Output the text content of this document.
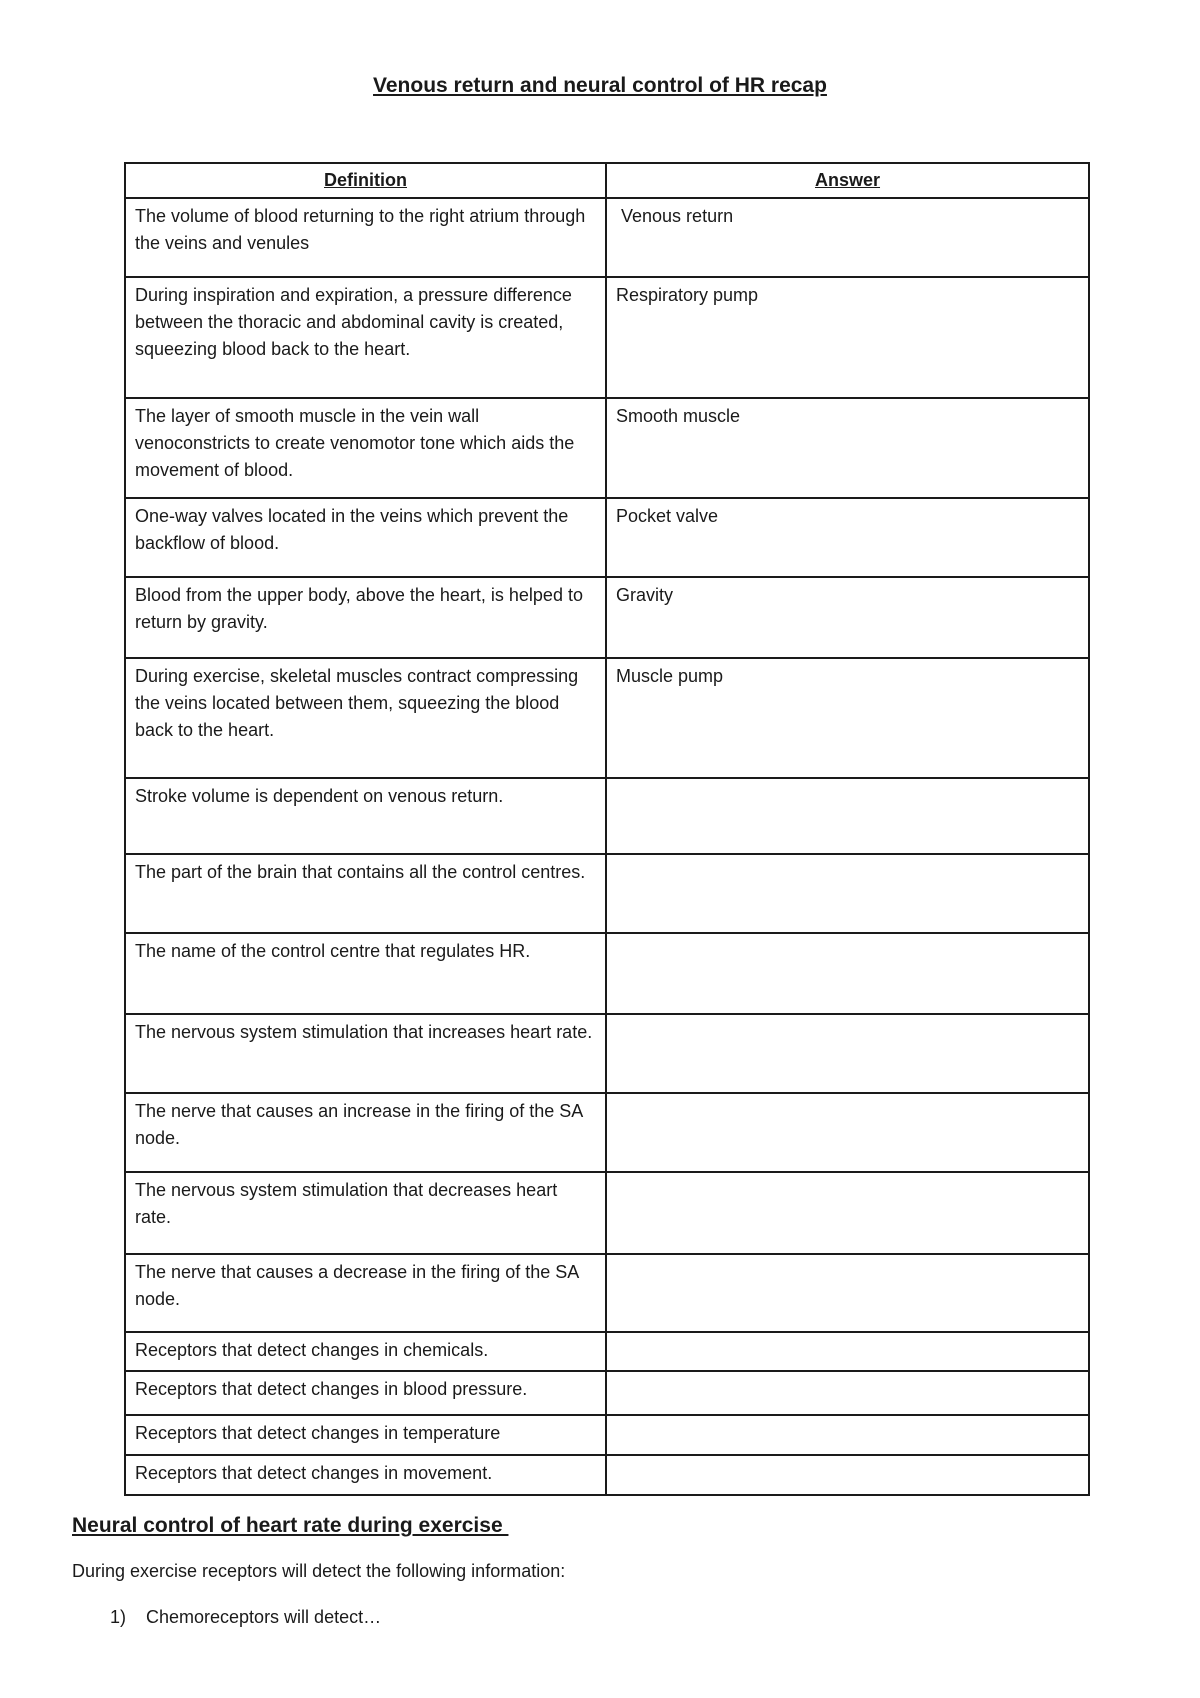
Venous return and neural control of HR recap
Definition	Answer
The volume of blood returning to the right atrium through the veins and venules	Venous return
During inspiration and expiration, a pressure difference between the thoracic and abdominal cavity is created, squeezing blood back to the heart.	Respiratory pump
The layer of smooth muscle in the vein wall venoconstricts to create venomotor tone which aids the movement of blood.	Smooth muscle
One-way valves located in the veins which prevent the backflow of blood.	Pocket valve
Blood from the upper body, above the heart, is helped to return by gravity.	Gravity
During exercise, skeletal muscles contract compressing the veins located between them, squeezing the blood back to the heart.	Muscle pump
Stroke volume is dependent on venous return.	
The part of the brain that contains all the control centres.	
The name of the control centre that regulates HR.	
The nervous system stimulation that increases heart rate.	
The nerve that causes an increase in the firing of the SA node.	
The nervous system stimulation that decreases heart rate.	
The nerve that causes a decrease in the firing of the SA node.	
Receptors that detect changes in chemicals.	
Receptors that detect changes in blood pressure.	
Receptors that detect changes in temperature	
Receptors that detect changes in movement.	
Neural control of heart rate during exercise
During exercise receptors will detect the following information:
1) Chemoreceptors will detect…
